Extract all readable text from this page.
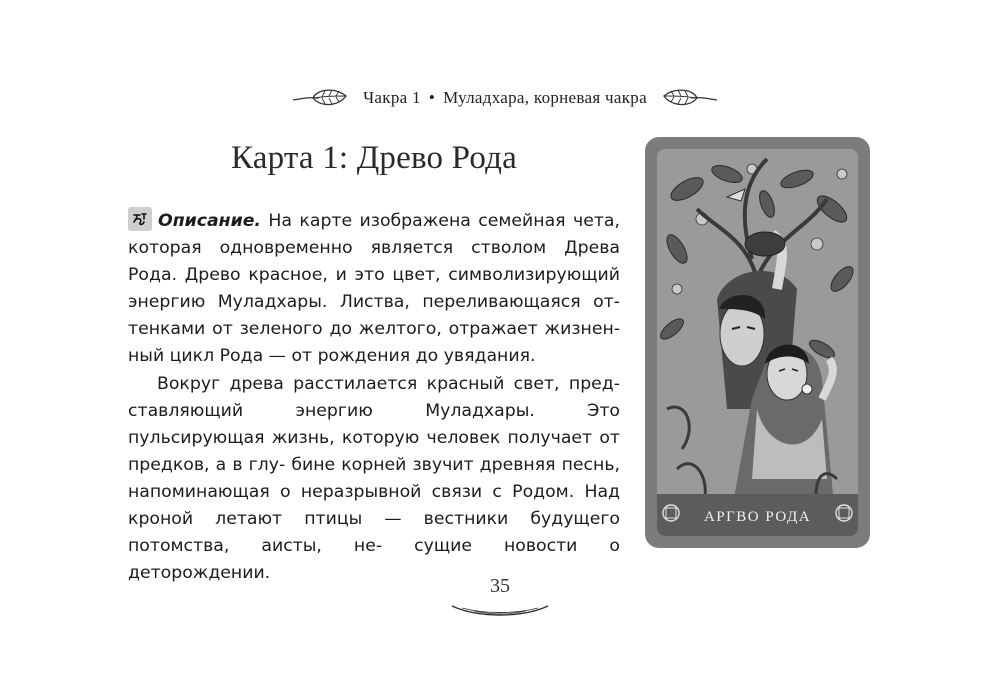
Чакра 1 • Муладхара, корневая чакра
Карта 1: Древо Рода

Описание. На карте изображена семейная чета, которая одновременно является стволом Древа Рода. Древо красное, и это цвет, символизирующий энергию Муладхары. Листва, переливающаяся от- тенками от зеленого до желтого, отражает жизнен- ный цикл Рода — от рождения до увядания.

Вокруг древа расстилается красный свет, пред- ставляющий энергию Муладхары. Это пульсирующая жизнь, которую человек получает от предков, а в глу- бине корней звучит древняя песнь, напоминающая о неразрывной связи с Родом. Над кроной летают птицы — вестники будущего потомства, аисты, не- сущие новости о деторождении.

АРГВО РОДА
35
